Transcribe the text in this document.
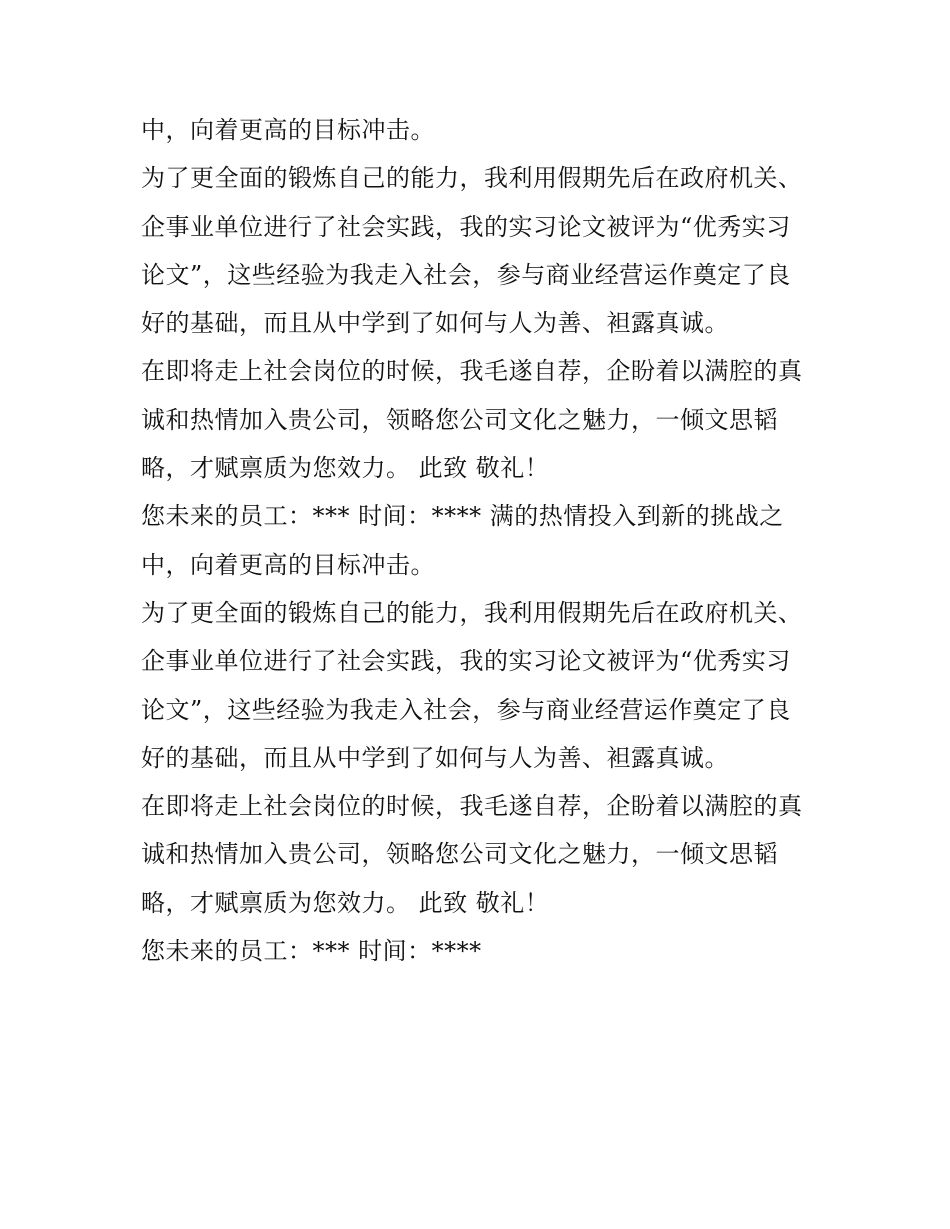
中，向着更高的目标冲击。
为了更全面的锻炼自己的能力，我利用假期先后在政府机关、
企事业单位进行了社会实践，我的实习论文被评为“优秀实习
论文”，这些经验为我走入社会，参与商业经营运作奠定了良
好的基础，而且从中学到了如何与人为善、袒露真诚。
在即将走上社会岗位的时候，我毛遂自荐，企盼着以满腔的真
诚和热情加入贵公司，领略您公司文化之魅力，一倾文思韬
略，才赋禀质为您效力。 此致 敬礼！
您未来的员工：*** 时间：**** 满的热情投入到新的挑战之
中，向着更高的目标冲击。
为了更全面的锻炼自己的能力，我利用假期先后在政府机关、
企事业单位进行了社会实践，我的实习论文被评为“优秀实习
论文”，这些经验为我走入社会，参与商业经营运作奠定了良
好的基础，而且从中学到了如何与人为善、袒露真诚。
在即将走上社会岗位的时候，我毛遂自荐，企盼着以满腔的真
诚和热情加入贵公司，领略您公司文化之魅力，一倾文思韬
略，才赋禀质为您效力。 此致 敬礼！
您未来的员工：*** 时间：****
